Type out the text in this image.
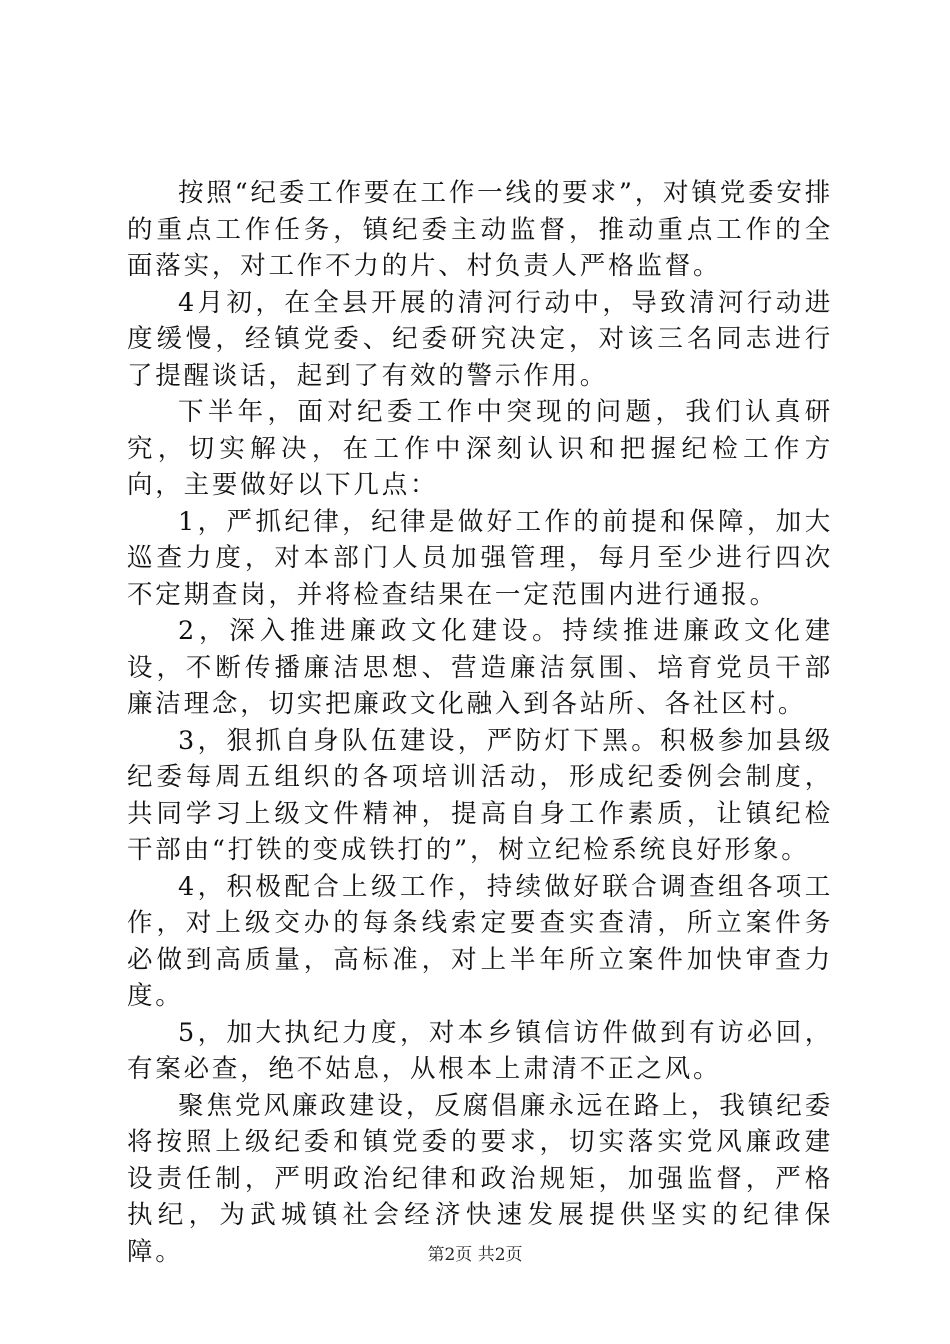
按照“纪委工作要在工作一线的要求”，对镇党委安排的重点工作任务，镇纪委主动监督，推动重点工作的全面落实，对工作不力的片、村负责人严格监督。

4月初，在全县开展的清河行动中，导致清河行动进度缓慢，经镇党委、纪委研究决定，对该三名同志进行了提醒谈话，起到了有效的警示作用。

下半年，面对纪委工作中突现的问题，我们认真研究，切实解决，在工作中深刻认识和把握纪检工作方向，主要做好以下几点：

1，严抓纪律，纪律是做好工作的前提和保障，加大巡查力度，对本部门人员加强管理，每月至少进行四次不定期查岗，并将检查结果在一定范围内进行通报。

2，深入推进廉政文化建设。持续推进廉政文化建设，不断传播廉洁思想、营造廉洁氛围、培育党员干部廉洁理念，切实把廉政文化融入到各站所、各社区村。

3，狠抓自身队伍建设，严防灯下黑。积极参加县级纪委每周五组织的各项培训活动，形成纪委例会制度，共同学习上级文件精神，提高自身工作素质，让镇纪检干部由“打铁的变成铁打的”，树立纪检系统良好形象。

4，积极配合上级工作，持续做好联合调查组各项工作，对上级交办的每条线索定要查实查清，所立案件务必做到高质量，高标准，对上半年所立案件加快审查力度。

5，加大执纪力度，对本乡镇信访件做到有访必回，有案必查，绝不姑息，从根本上肃清不正之风。

聚焦党风廉政建设，反腐倡廉永远在路上，我镇纪委将按照上级纪委和镇党委的要求，切实落实党风廉政建设责任制，严明政治纪律和政治规矩，加强监督，严格执纪，为武城镇社会经济快速发展提供坚实的纪律保障。	第2页 共2页
